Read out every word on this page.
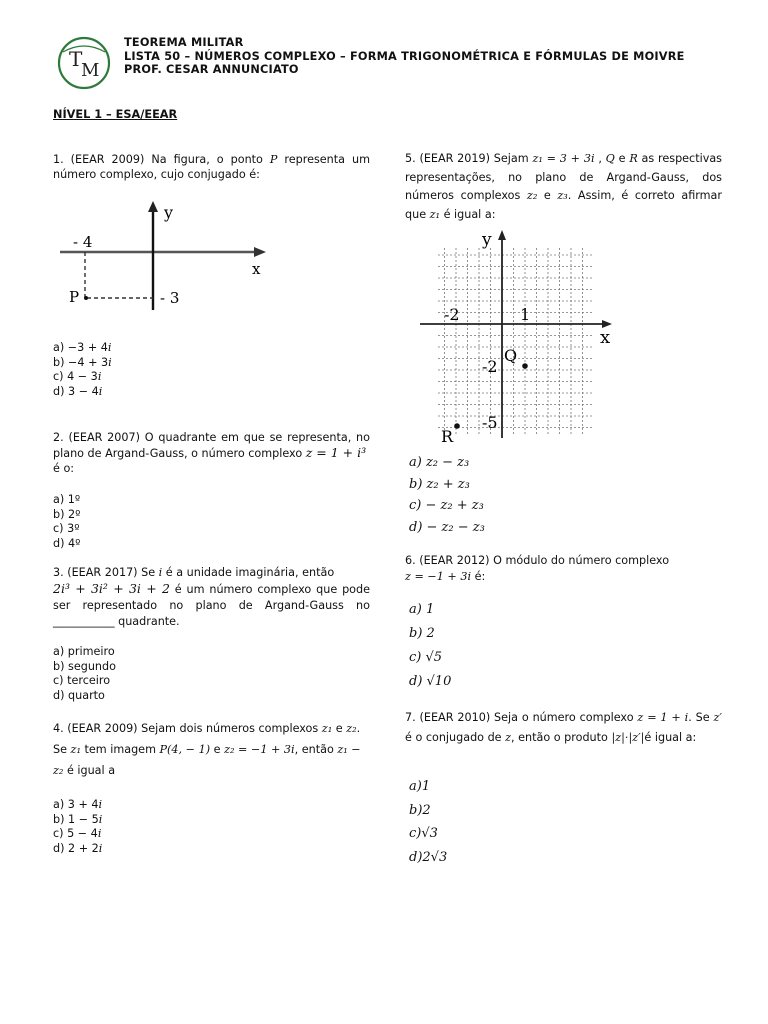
T
M
TEOREMA MILITAR
LISTA 50 – NÚMEROS COMPLEXO – FORMA TRIGONOMÉTRICA E FÓRMULAS DE MOIVRE
PROF. CESAR ANNUNCIATO
NÍVEL 1 – ESA/EEAR

1. (EEAR 2009) Na figura, o ponto P representa um número complexo, cujo conjugado é:

y
x
- 4
- 3
P
a) −3 + 4i
b) −4 + 3i
c) 4 − 3i
d) 3 − 4i

2. (EEAR 2007) O quadrante em que se representa, no plano de Argand-Gauss, o número complexo z = 1 + i³

é o:

a) 1º
b) 2º
c) 3º
d) 4º

3. (EEAR 2017) Se i é a unidade imaginária, então

2i³ + 3i² + 3i + 2 é um número complexo que pode ser representado no plano de Argand-Gauss no ___________ quadrante.

a) primeiro
b) segundo
c) terceiro
d) quarto

4. (EEAR 2009) Sejam dois números complexos z₁ e z₂. Se z₁ tem imagem P(4, − 1) e z₂ = −1 + 3i, então z₁ − z₂ é igual a

a) 3 + 4i
b) 1 − 5i
c) 5 − 4i
d) 2 + 2i

5. (EEAR 2019) Sejam z₁ = 3 + 3i , Q e R as respectivas representações, no plano de Argand-Gauss, dos números complexos z₂ e z₃. Assim, é correto afirmar que z₁ é igual a:

y
x
-2	1
-2
-5
Q
R
a) z₂ − z₃
b) z₂ + z₃
c) − z₂ + z₃
d) − z₂ − z₃

6. (EEAR 2012) O módulo do número complexo

z = −1 + 3i é:

a) 1
b) 2
c) √5
d) √10

7. (EEAR 2010) Seja o número complexo z = 1 + i. Se z′ é o conjugado de z, então o produto |z|·|z′|é igual a:

a)1
b)2
c)√3
d)2√3
